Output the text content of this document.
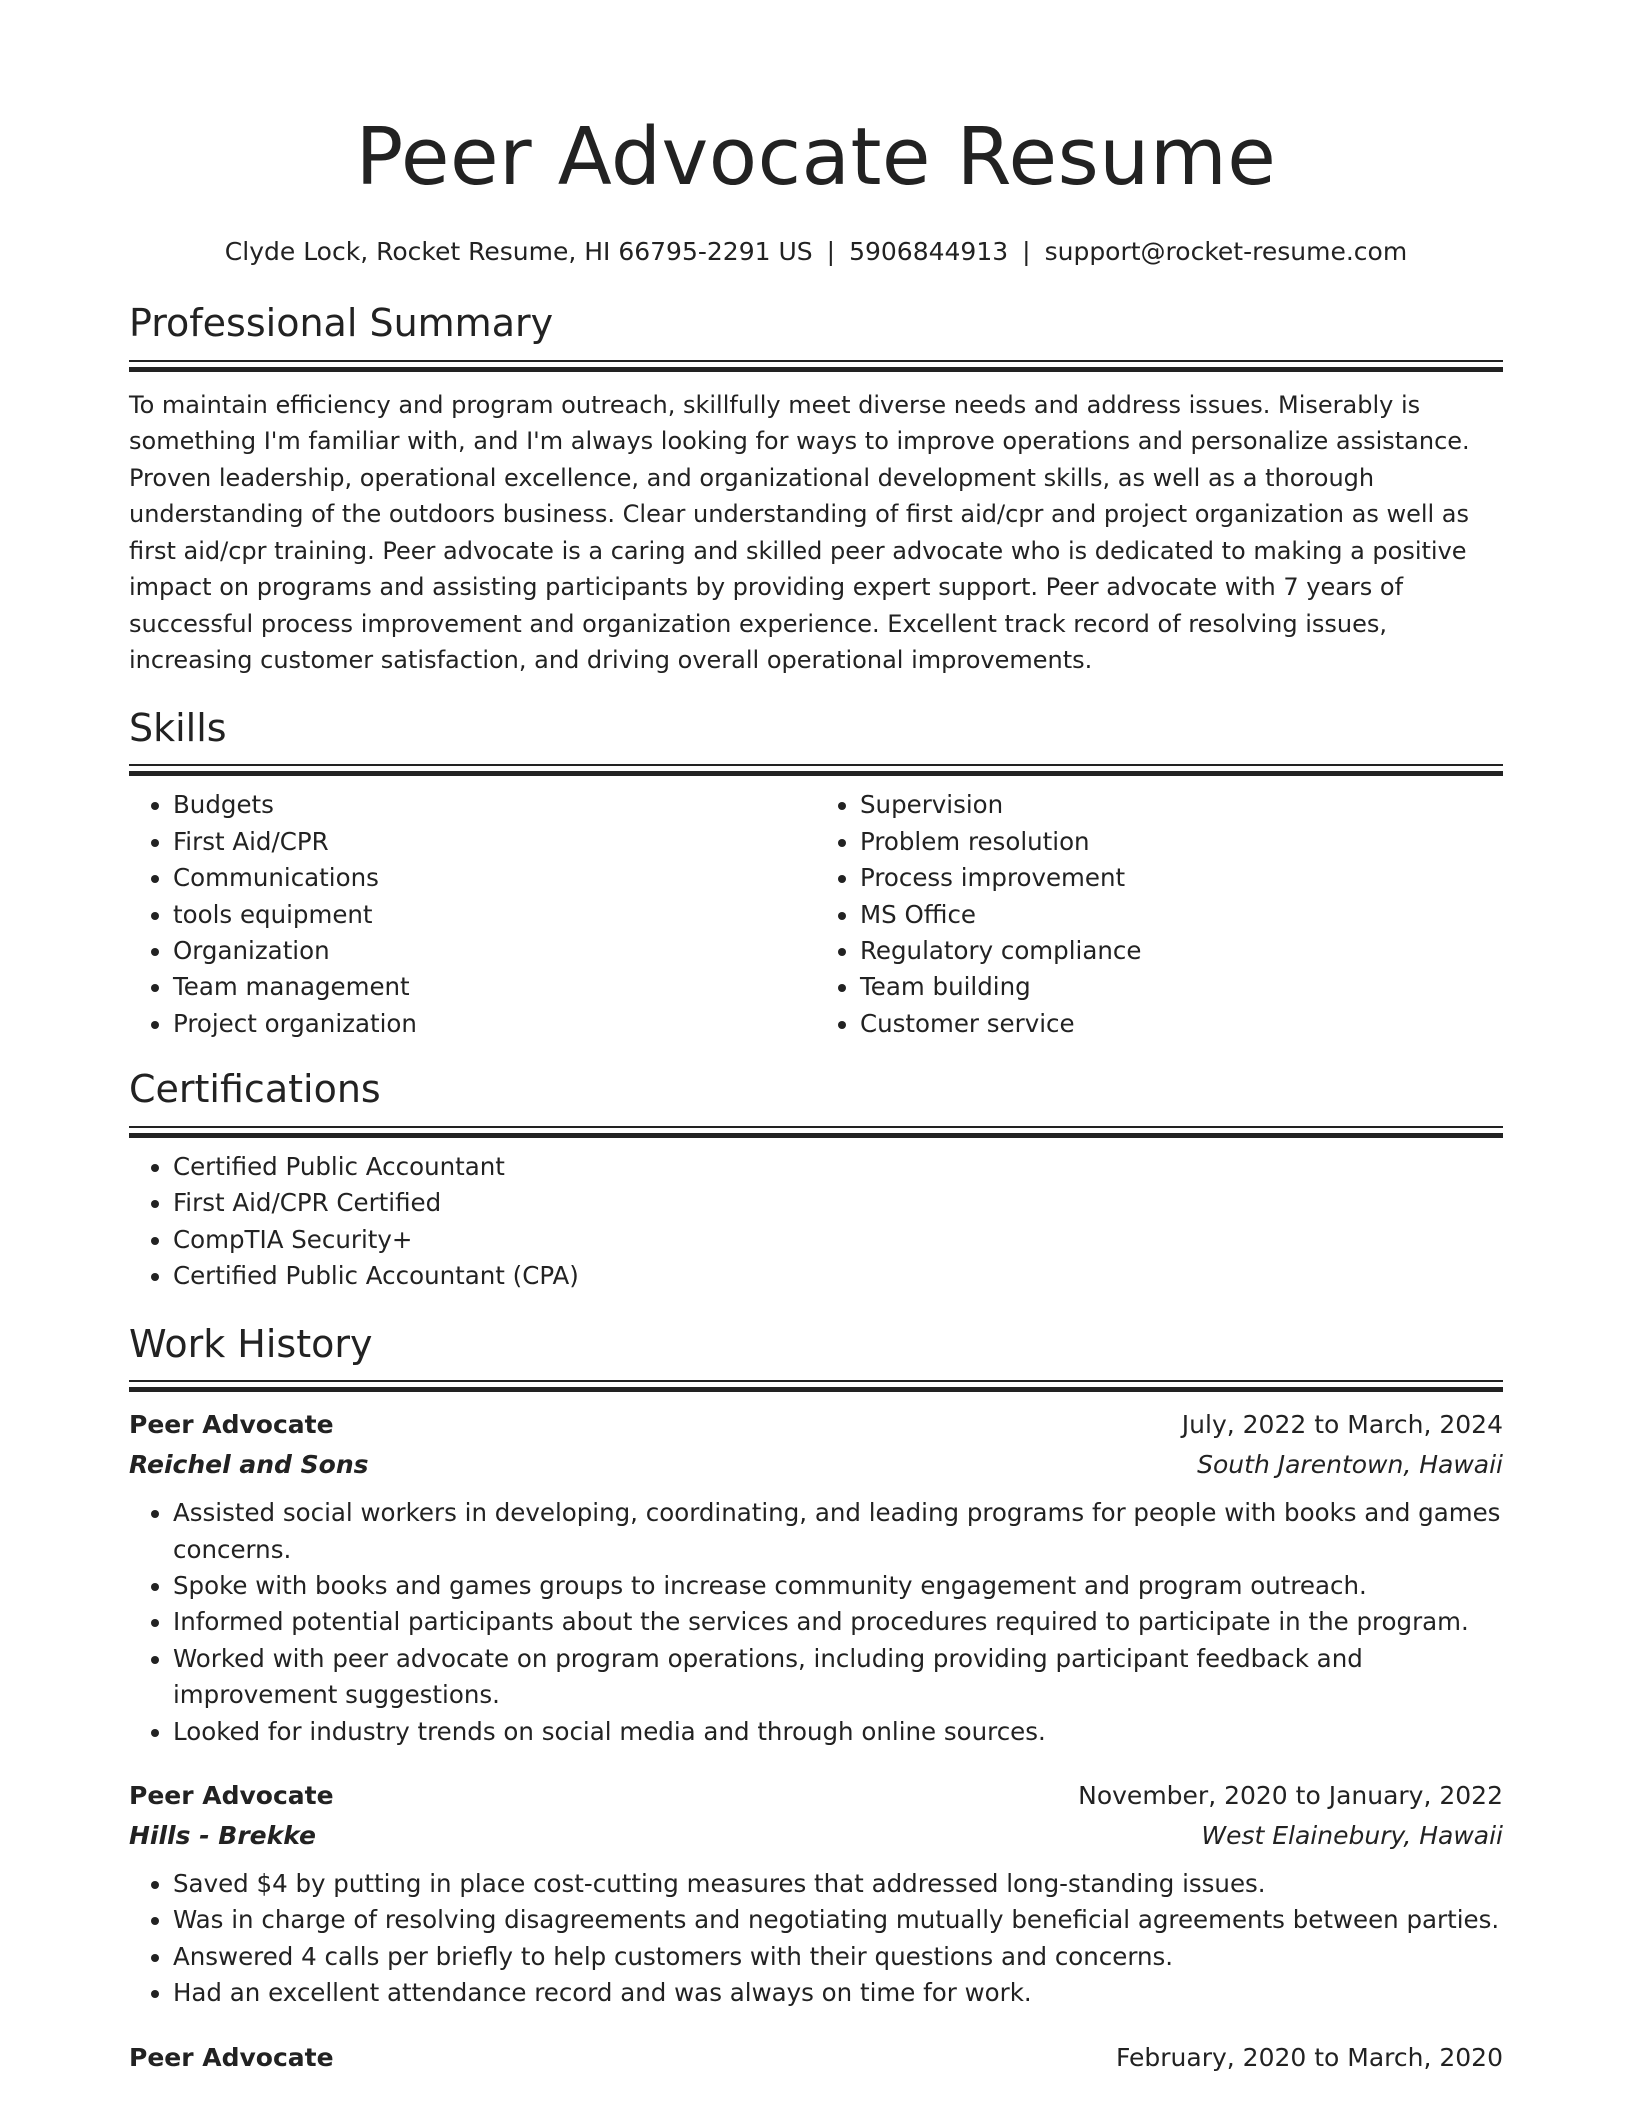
Peer Advocate Resume
Clyde Lock, Rocket Resume, HI 66795-2291 US | 5906844913 | support@rocket-resume.com
Professional Summary
To maintain efficiency and program outreach, skillfully meet diverse needs and address issues. Miserably is something I'm familiar with, and I'm always looking for ways to improve operations and personalize assistance. Proven leadership, operational excellence, and organizational development skills, as well as a thorough understanding of the outdoors business. Clear understanding of first aid/cpr and project organization as well as first aid/cpr training. Peer advocate is a caring and skilled peer advocate who is dedicated to making a positive impact on programs and assisting participants by providing expert support. Peer advocate with 7 years of successful process improvement and organization experience. Excellent track record of resolving issues, increasing customer satisfaction, and driving overall operational improvements.
Skills
• Budgets
• First Aid/CPR
• Communications
• tools equipment
• Organization
• Team management
• Project organization
• Supervision
• Problem resolution
• Process improvement
• MS Office
• Regulatory compliance
• Team building
• Customer service
Certifications
• Certified Public Accountant
• First Aid/CPR Certified
• CompTIA Security+
• Certified Public Accountant (CPA)
Work History
Peer Advocate	July, 2022 to March, 2024
Reichel and Sons	South Jarentown, Hawaii
• Assisted social workers in developing, coordinating, and leading programs for people with books and games concerns.
• Spoke with books and games groups to increase community engagement and program outreach.
• Informed potential participants about the services and procedures required to participate in the program.
• Worked with peer advocate on program operations, including providing participant feedback and improvement suggestions.
• Looked for industry trends on social media and through online sources.
Peer Advocate	November, 2020 to January, 2022
Hills - Brekke	West Elainebury, Hawaii
• Saved $4 by putting in place cost-cutting measures that addressed long-standing issues.
• Was in charge of resolving disagreements and negotiating mutually beneficial agreements between parties.
• Answered 4 calls per briefly to help customers with their questions and concerns.
• Had an excellent attendance record and was always on time for work.
Peer Advocate	February, 2020 to March, 2020
